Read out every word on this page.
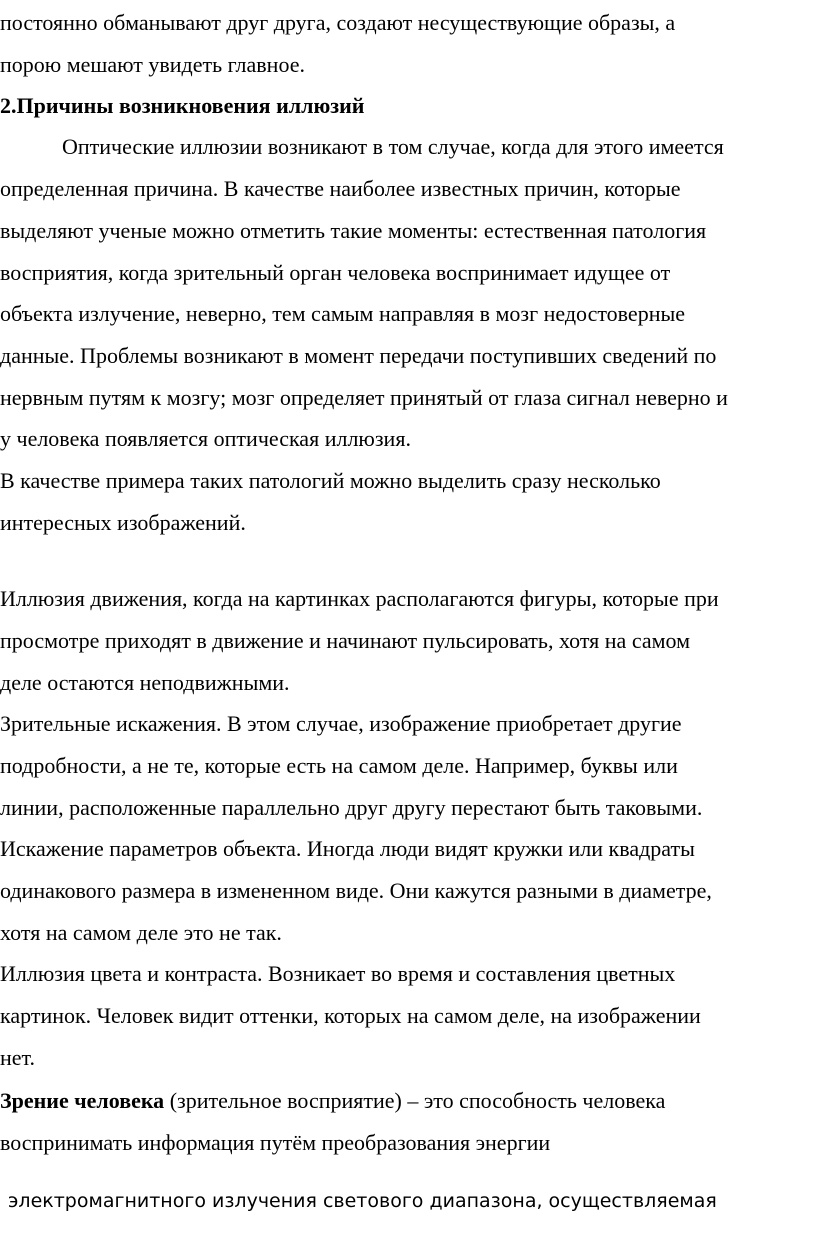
постоянно обманывают друг друга, создают несуществующие образы, а
порою мешают увидеть главное.
2.Причины возникновения иллюзий
Оптические иллюзии возникают в том случае, когда для этого имеется
определенная причина. В качестве наиболее известных причин, которые
выделяют ученые можно отметить такие моменты: естественная патология
восприятия, когда зрительный орган человека воспринимает идущее от
объекта излучение, неверно, тем самым направляя в мозг недостоверные
данные. Проблемы возникают в момент передачи поступивших сведений по
нервным путям к мозгу; мозг определяет принятый от глаза сигнал неверно и
у человека появляется оптическая иллюзия.
В качестве примера таких патологий можно выделить сразу несколько
интересных изображений.
Иллюзия движения, когда на картинках располагаются фигуры, которые при
просмотре приходят в движение и начинают пульсировать, хотя на самом
деле остаются неподвижными.
Зрительные искажения. В этом случае, изображение приобретает другие
подробности, а не те, которые есть на самом деле. Например, буквы или
линии, расположенные параллельно друг другу перестают быть таковыми.
Искажение параметров объекта. Иногда люди видят кружки или квадраты
одинакового размера в измененном виде. Они кажутся разными в диаметре,
хотя на самом деле это не так.
Иллюзия цвета и контраста. Возникает во время и составления цветных
картинок. Человек видит оттенки, которых на самом деле, на изображении
нет.
Зрение человека (зрительное восприятие) – это способность человека
воспринимать информация путём преобразования энергии
электромагнитного излучения светового диапазона, осуществляемая
